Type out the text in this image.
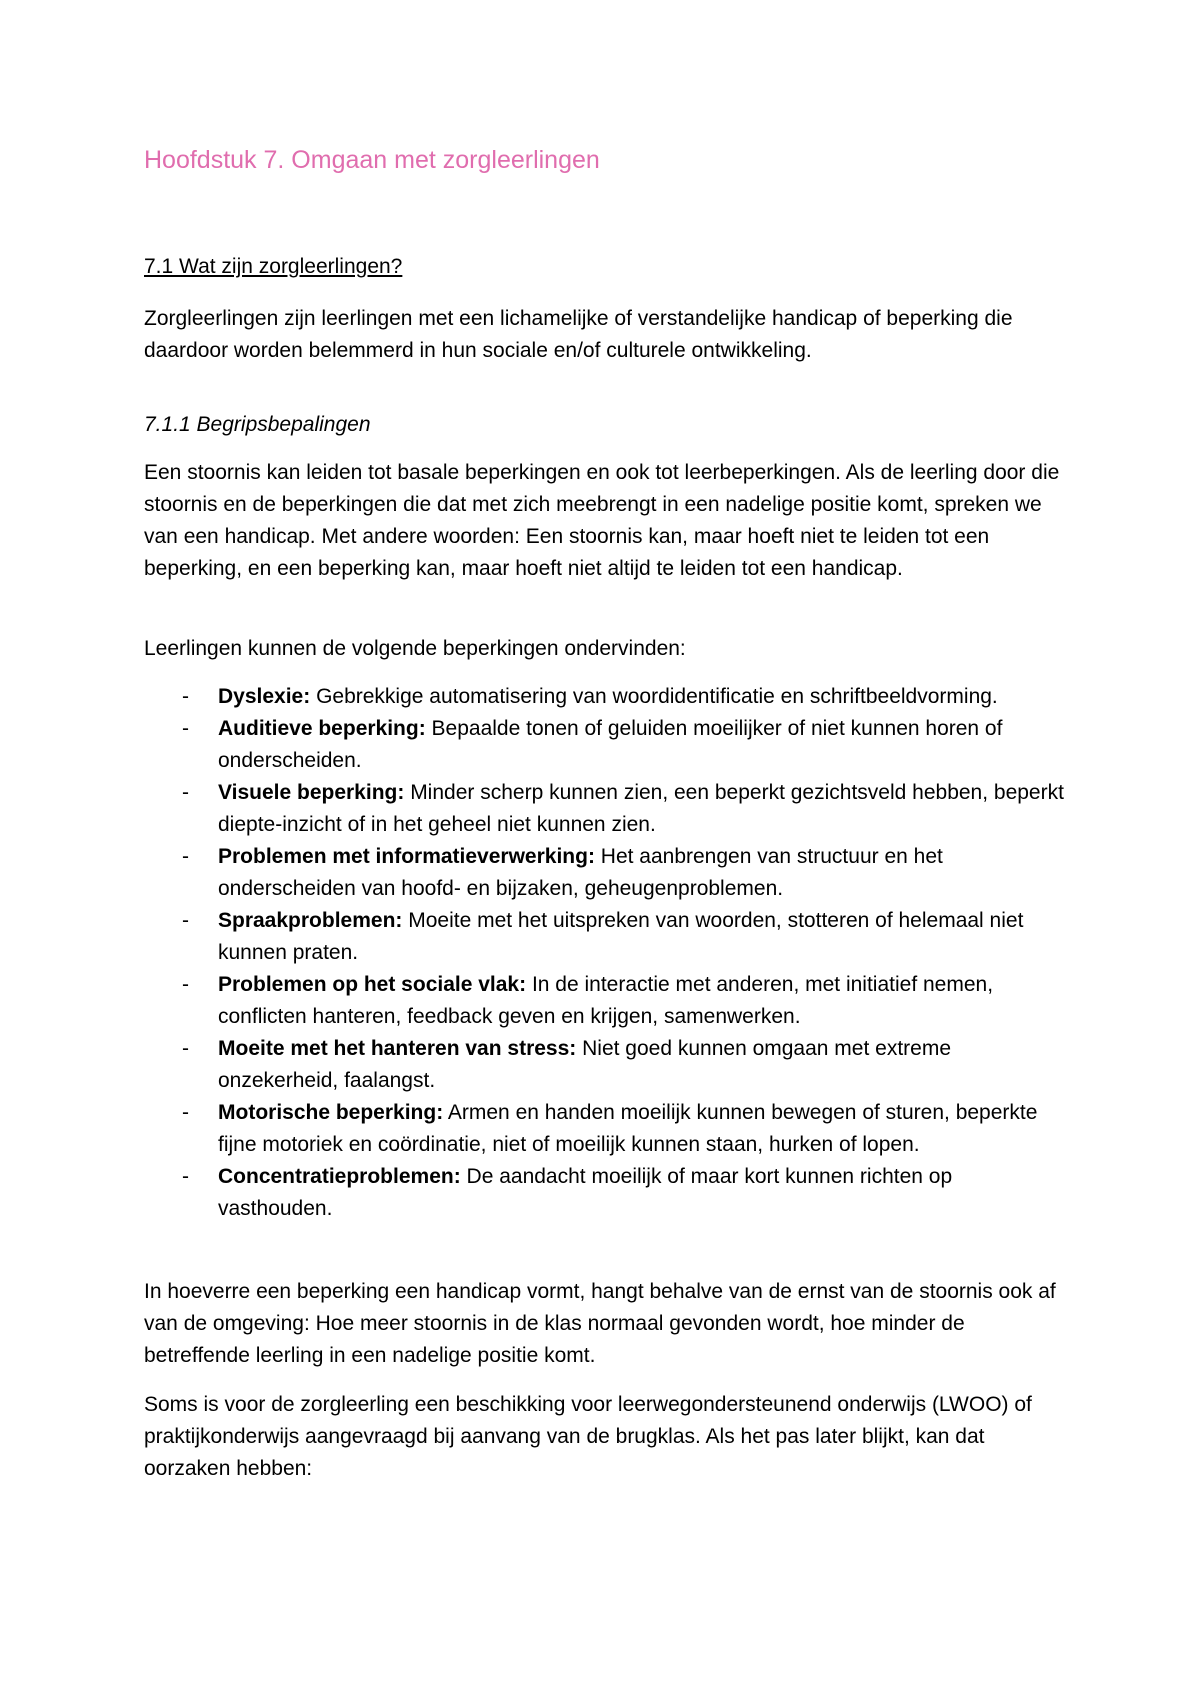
Hoofdstuk 7. Omgaan met zorgleerlingen
7.1 Wat zijn zorgleerlingen?

Zorgleerlingen zijn leerlingen met een lichamelijke of verstandelijke handicap of beperking die daardoor worden belemmerd in hun sociale en/of culturele ontwikkeling.

7.1.1 Begripsbepalingen

Een stoornis kan leiden tot basale beperkingen en ook tot leerbeperkingen. Als de leerling door die stoornis en de beperkingen die dat met zich meebrengt in een nadelige positie komt, spreken we van een handicap. Met andere woorden: Een stoornis kan, maar hoeft niet te leiden tot een beperking, en een beperking kan, maar hoeft niet altijd te leiden tot een handicap.

Leerlingen kunnen de volgende beperkingen ondervinden:

- Dyslexie: Gebrekkige automatisering van woordidentificatie en schriftbeeldvorming.
- Auditieve beperking: Bepaalde tonen of geluiden moeilijker of niet kunnen horen of onderscheiden.
- Visuele beperking: Minder scherp kunnen zien, een beperkt gezichtsveld hebben, beperkt diepte-inzicht of in het geheel niet kunnen zien.
- Problemen met informatieverwerking: Het aanbrengen van structuur en het onderscheiden van hoofd- en bijzaken, geheugenproblemen.
- Spraakproblemen: Moeite met het uitspreken van woorden, stotteren of helemaal niet kunnen praten.
- Problemen op het sociale vlak: In de interactie met anderen, met initiatief nemen, conflicten hanteren, feedback geven en krijgen, samenwerken.
- Moeite met het hanteren van stress: Niet goed kunnen omgaan met extreme onzekerheid, faalangst.
- Motorische beperking: Armen en handen moeilijk kunnen bewegen of sturen, beperkte fijne motoriek en coördinatie, niet of moeilijk kunnen staan, hurken of lopen.
- Concentratieproblemen: De aandacht moeilijk of maar kort kunnen richten op vasthouden.

In hoeverre een beperking een handicap vormt, hangt behalve van de ernst van de stoornis ook af van de omgeving: Hoe meer stoornis in de klas normaal gevonden wordt, hoe minder de betreffende leerling in een nadelige positie komt.

Soms is voor de zorgleerling een beschikking voor leerwegondersteunend onderwijs (LWOO) of praktijkonderwijs aangevraagd bij aanvang van de brugklas. Als het pas later blijkt, kan dat oorzaken hebben:
